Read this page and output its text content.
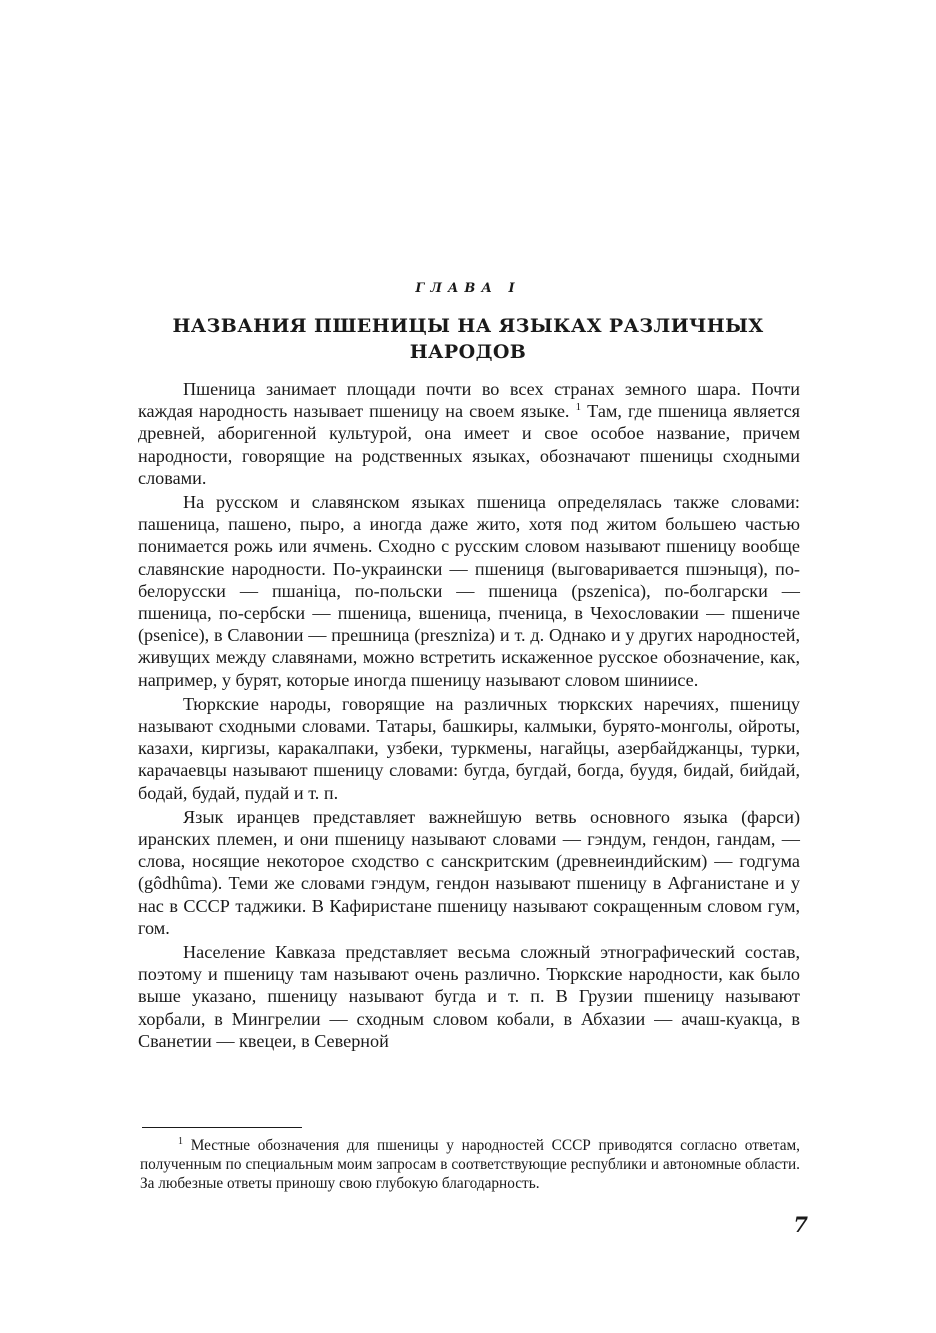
ГЛАВА I
НАЗВАНИЯ ПШЕНИЦЫ НА ЯЗЫКАХ РАЗЛИЧНЫХ НАРОДОВ

Пшеница занимает площади почти во всех странах земного шара. Почти каждая народность называет пшеницу на своем языке. $^1$ Там, где пшеница является древней, аборигенной культурой, она имеет и свое особое название, причем народности, говорящие на родственных языках, обозначают пшеницы сходными словами.

На русском и славянском языках пшеница определялась также словами: пашеница, пашено, пыро, а иногда даже жито, хотя под житом большею частью понимается рожь или ячмень. Сходно с русским словом называют пшеницу вообще славянские народности. По-украински — пшениця (выговаривается пшэныця), по-белорусски — пшаніца, по-польски — пшеница (pszenica), по-болгарски — пшеница, по-сербски — пшеница, вшеница, пченица, в Чехословакии — пшениче (psenice), в Славонии — прешница (presznіza) и т. д. Однако и у других народностей, живущих между славянами, можно встретить искаженное русское обозначение, как, например, у бурят, которые иногда пшеницу называют словом шиниисе.

Тюркские народы, говорящие на различных тюркских наречиях, пшеницу называют сходными словами. Татары, башкиры, калмыки, бурято-монголы, ойроты, казахи, киргизы, каракалпаки, узбеки, туркмены, нагайцы, азербайджанцы, турки, карачаевцы называют пшеницу словами: бугда, бугдай, богда, буудя, бидай, бийдай, бодай, будай, пудай и т. п.

Язык иранцев представляет важнейшую ветвь основного языка (фарси) иранских племен, и они пшеницу называют словами — гэндум, гендон, гандам, — слова, носящие некоторое сходство с санскритским (древнеиндийским) — годгума (gôdhûma). Теми же словами гэндум, гендон называют пшеницу в Афганистане и у нас в СССР таджики. В Кафиристане пшеницу называют сокращенным словом гум, гом.

Население Кавказа представляет весьма сложный этнографический состав, поэтому и пшеницу там называют очень различно. Тюркские народности, как было выше указано, пшеницу называют бугда и т. п. В Грузии пшеницу называют хорбали, в Мингрелии — сходным словом кобали, в Абхазии — ачаш-куакца, в Сванетии — квецеи, в Северной

$^1$ Местные обозначения для пшеницы у народностей СССР приводятся согласно ответам, полученным по специальным моим запросам в соответствующие республики и автономные области. За любезные ответы приношу свою глубокую благодарность.
7
